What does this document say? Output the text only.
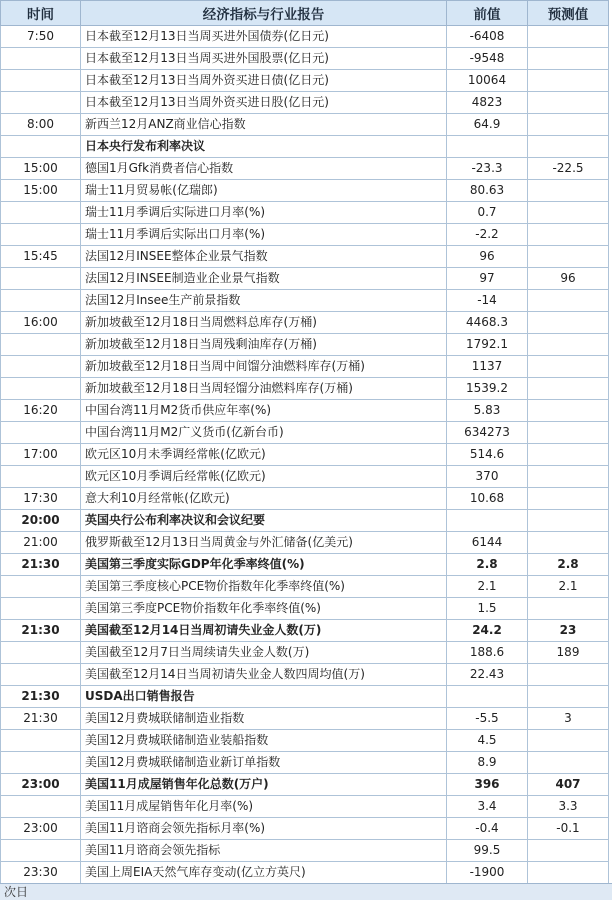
时间	经济指标与行业报告	前值	预测值
7:50	日本截至12月13日当周买进外国债券(亿日元)	-6408	
	日本截至12月13日当周买进外国股票(亿日元)	-9548	
	日本截至12月13日当周外资买进日债(亿日元)	10064	
	日本截至12月13日当周外资买进日股(亿日元)	4823	
8:00	新西兰12月ANZ商业信心指数	64.9	
	日本央行发布利率决议		
15:00	德国1月Gfk消费者信心指数	-23.3	-22.5
15:00	瑞士11月贸易帐(亿瑞郎)	80.63	
	瑞士11月季调后实际进口月率(%)	0.7	
	瑞士11月季调后实际出口月率(%)	-2.2	
15:45	法国12月INSEE整体企业景气指数	96	
	法国12月INSEE制造业企业景气指数	97	96
	法国12月Insee生产前景指数	-14	
16:00	新加坡截至12月18日当周燃料总库存(万桶)	4468.3	
	新加坡截至12月18日当周残剩油库存(万桶)	1792.1	
	新加坡截至12月18日当周中间馏分油燃料库存(万桶)	1137	
	新加坡截至12月18日当周轻馏分油燃料库存(万桶)	1539.2	
16:20	中国台湾11月M2货币供应年率(%)	5.83	
	中国台湾11月M2广义货币(亿新台币)	634273	
17:00	欧元区10月未季调经常帐(亿欧元)	514.6	
	欧元区10月季调后经常帐(亿欧元)	370	
17:30	意大利10月经常帐(亿欧元)	10.68	
20:00	英国央行公布利率决议和会议纪要		
21:00	俄罗斯截至12月13日当周黄金与外汇储备(亿美元)	6144	
21:30	美国第三季度实际GDP年化季率终值(%)	2.8	2.8
	美国第三季度核心PCE物价指数年化季率终值(%)	2.1	2.1
	美国第三季度PCE物价指数年化季率终值(%)	1.5	
21:30	美国截至12月14日当周初请失业金人数(万)	24.2	23
	美国截至12月7日当周续请失业金人数(万)	188.6	189
	美国截至12月14日当周初请失业金人数四周均值(万)	22.43	
21:30	USDA出口销售报告		
21:30	美国12月费城联储制造业指数	-5.5	3
	美国12月费城联储制造业装船指数	4.5	
	美国12月费城联储制造业新订单指数	8.9	
23:00	美国11月成屋销售年化总数(万户)	396	407
	美国11月成屋销售年化月率(%)	3.4	3.3
23:00	美国11月谘商会领先指标月率(%)	-0.4	-0.1
	美国11月谘商会领先指标	99.5	
23:30	美国上周EIA天然气库存变动(亿立方英尺)	-1900	
次日
